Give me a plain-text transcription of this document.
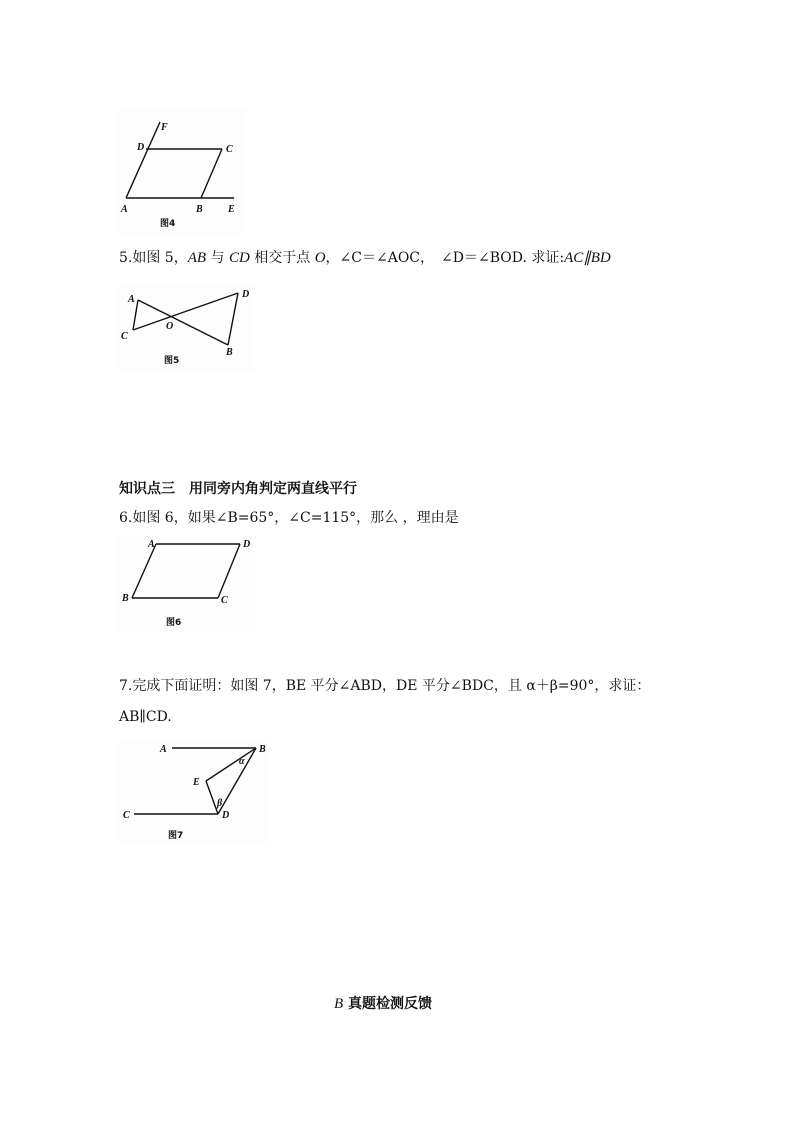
F
D	C
A	B	E
图4
5.如图 5，AB 与 CD 相交于点 O，∠C＝∠AOC，　∠D＝∠BOD. 求证:AC∥BD
A
C
O
D
B
图5
知识点三　用同旁内角判定两直线平行
6.如图 6，如果∠B=65°，∠C=115°，那么 ，理由是
A	D
B	C
图6
7.完成下面证明：如图 7，BE 平分∠ABD，DE 平分∠BDC，且 α＋β=90°，求证：
AB∥CD.
A	B
E
α
β
C	D
图7
B 真题检测反馈
